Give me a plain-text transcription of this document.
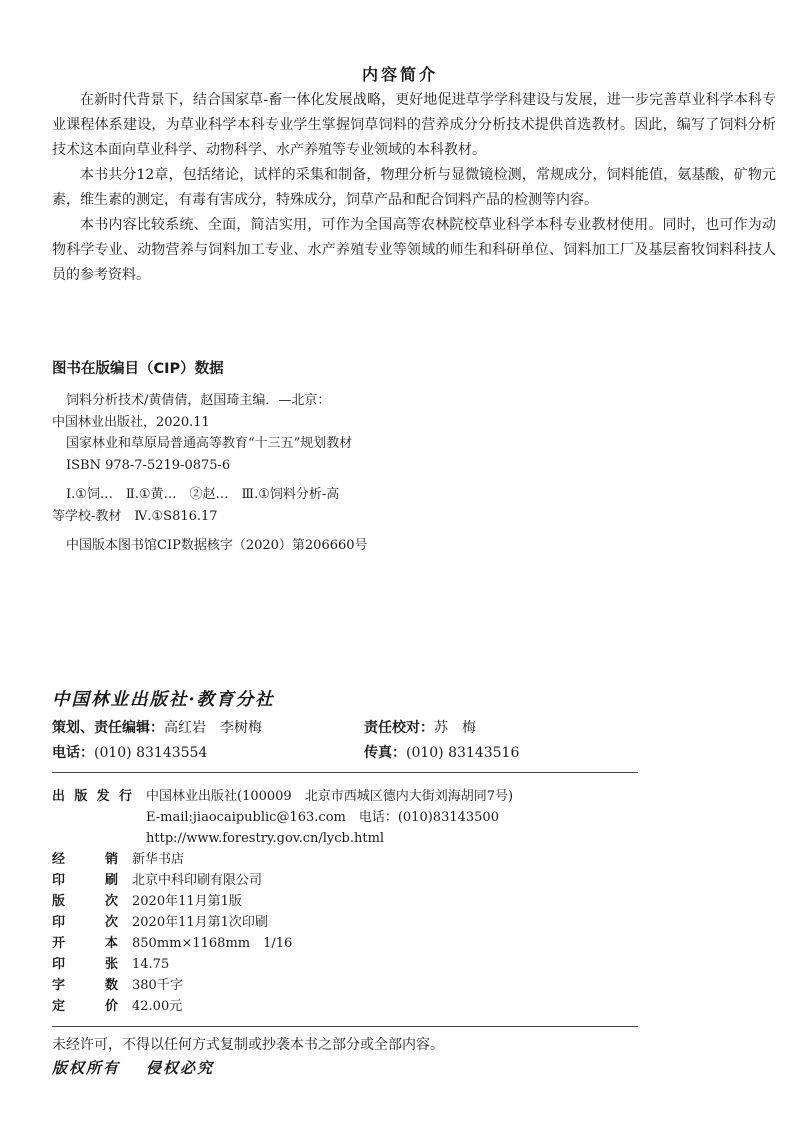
内容简介

在新时代背景下，结合国家草-畜一体化发展战略，更好地促进草学学科建设与发展，进一步完善草业科学本科专业课程体系建设，为草业科学本科专业学生掌握饲草饲料的营养成分分析技术提供首选教材。因此，编写了饲料分析技术这本面向草业科学、动物科学、水产养殖等专业领域的本科教材。

本书共分12章，包括绪论，试样的采集和制备，物理分析与显微镜检测，常规成分，饲料能值，氨基酸，矿物元素，维生素的测定，有毒有害成分，特殊成分，饲草产品和配合饲料产品的检测等内容。

本书内容比较系统、全面，简洁实用，可作为全国高等农林院校草业科学本科专业教材使用。同时，也可作为动物科学专业、动物营养与饲料加工专业、水产养殖专业等领域的师生和科研单位、饲料加工厂及基层畜牧饲料科技人员的参考资料。

图书在版编目（CIP）数据
饲料分析技术/黄倩倩，赵国琦主编．—北京：
中国林业出版社，2020.11
国家林业和草原局普通高等教育“十三五”规划教材
ISBN 978-7-5219-0875-6
Ⅰ.①饲…　Ⅱ.①黄…　②赵…　Ⅲ.①饲料分析-高
等学校-教材　Ⅳ.①S816.17
中国版本图书馆CIP数据核字（2020）第206660号
中国林业出版社·教育分社
策划、责任编辑：高红岩　李树梅	责任校对：苏　梅
电话：(010) 83143554	传真：(010) 83143516
出版发行	中国林业出版社(100009　北京市西城区德内大街刘海胡同7号)
E-mail:jiaocaipublic@163.com　电话：(010)83143500
http://www.forestry.gov.cn/lycb.html
经销	新华书店
印刷	北京中科印刷有限公司
版次	2020年11月第1版
印次	2020年11月第1次印刷
开本	850mm×1168mm　1/16
印张	14.75
字数	380千字
定价	42.00元
未经许可，不得以任何方式复制或抄袭本书之部分或全部内容。
版权所有 侵权必究
